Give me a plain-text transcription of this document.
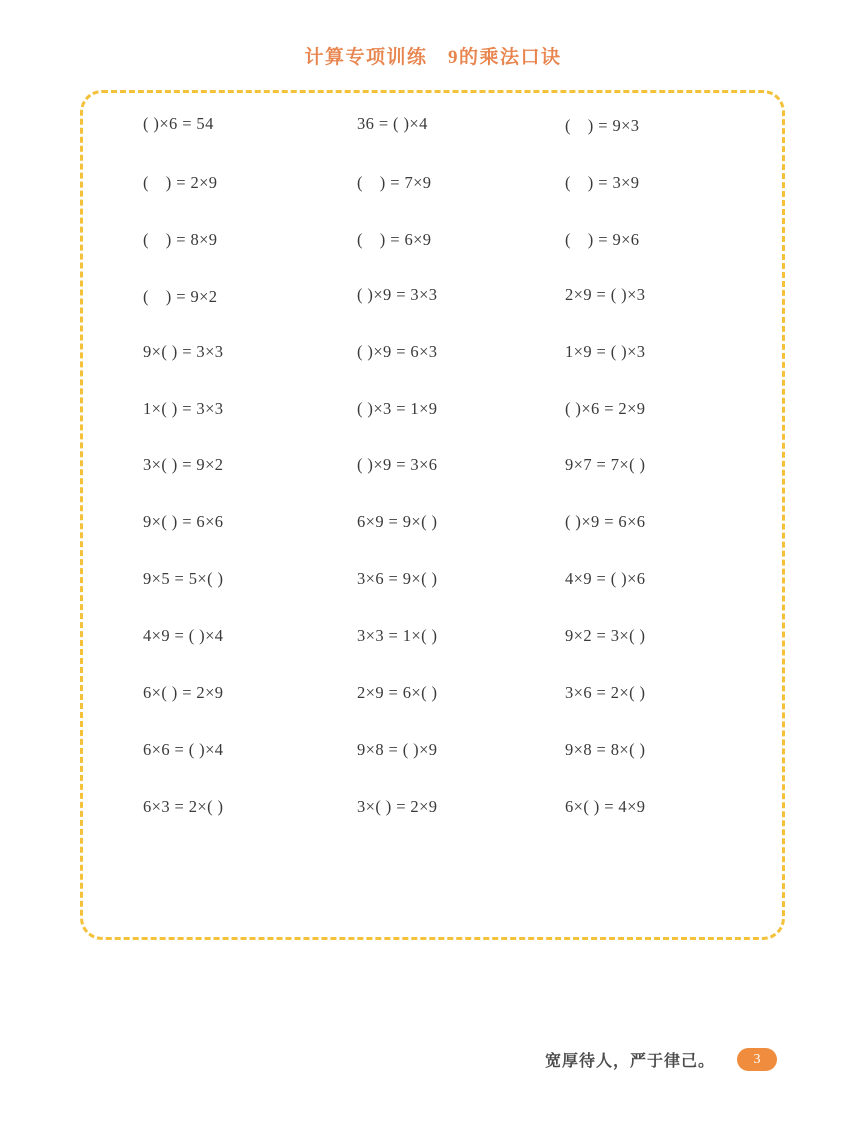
计算专项训练　9的乘法口诀
( )×6 = 54	36 = ( )×4	(　) = 9×3
(　) = 2×9	(　) = 7×9	(　) = 3×9
(　) = 8×9	(　) = 6×9	(　) = 9×6
(　) = 9×2	( )×9 = 3×3	2×9 = ( )×3
9×( ) = 3×3	( )×9 = 6×3	1×9 = ( )×3
1×( ) = 3×3	( )×3 = 1×9	( )×6 = 2×9
3×( ) = 9×2	( )×9 = 3×6	9×7 = 7×( )
9×( ) = 6×6	6×9 = 9×( )	( )×9 = 6×6
9×5 = 5×( )	3×6 = 9×( )	4×9 = ( )×6
4×9 = ( )×4	3×3 = 1×( )	9×2 = 3×( )
6×( ) = 2×9	2×9 = 6×( )	3×6 = 2×( )
6×6 = ( )×4	9×8 = ( )×9	9×8 = 8×( )
6×3 = 2×( )	3×( ) = 2×9	6×( ) = 4×9
宽厚待人，严于律己。	3
